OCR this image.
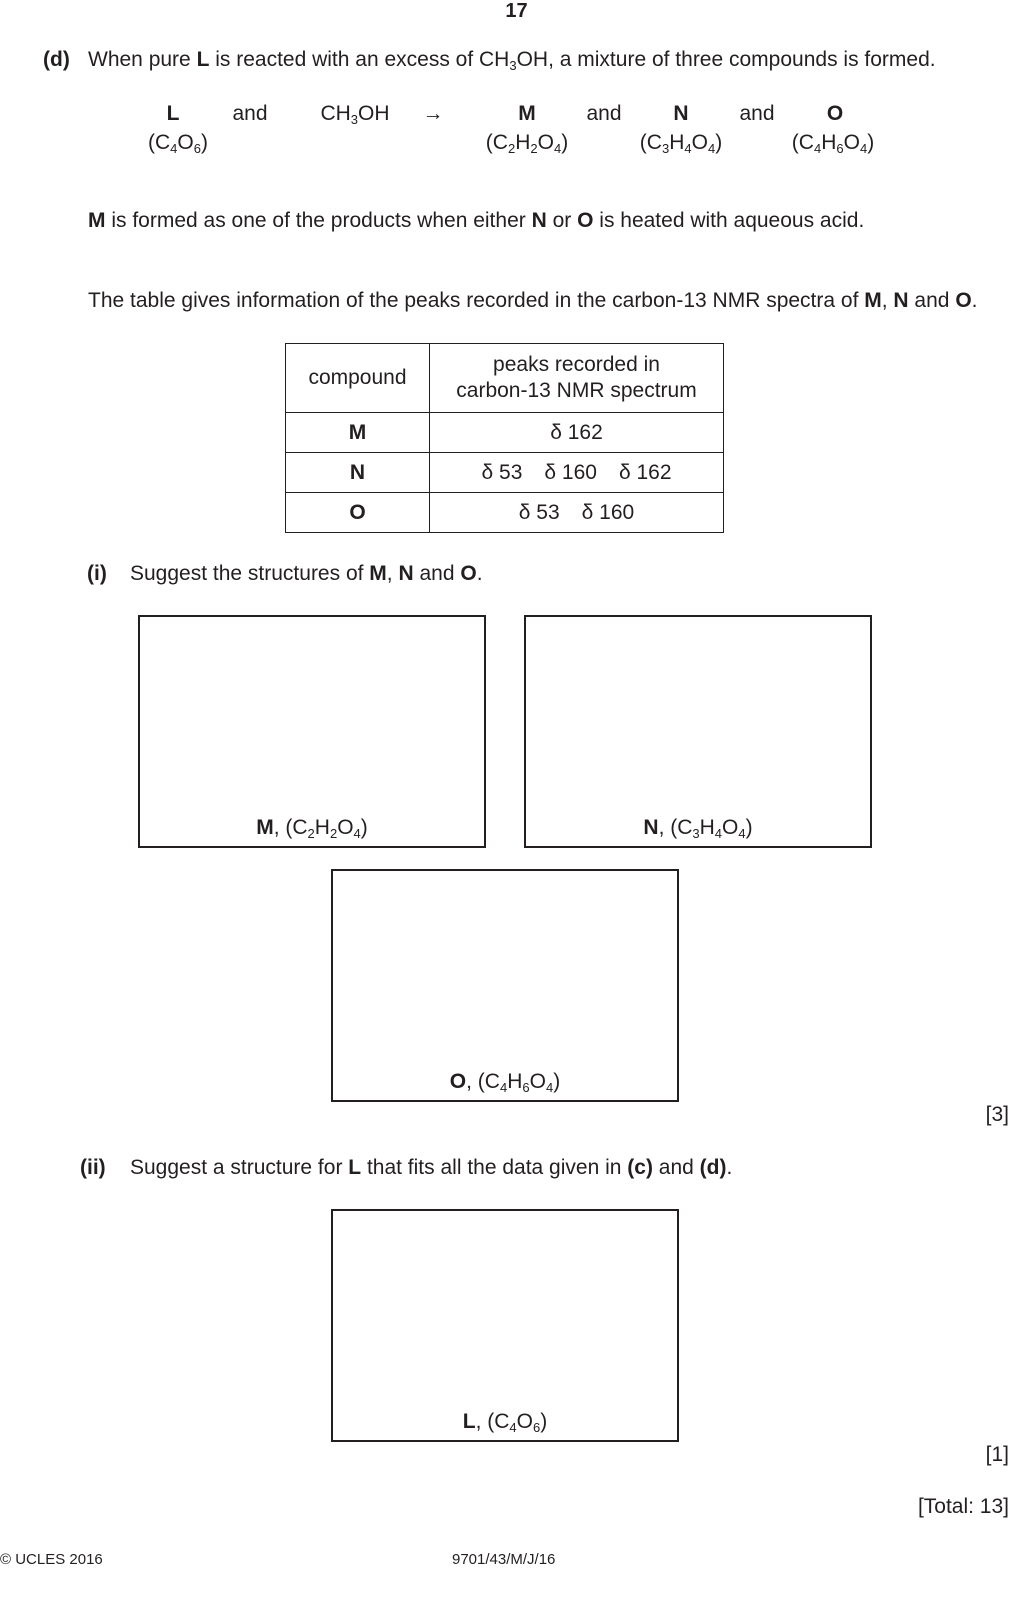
17
(d) When pure L is reacted with an excess of $CH_3OH$, a mixture of three compounds is formed.
L	and	$CH_3OH$	→	M	and	N	and	O
$(C_4O_6)$	$(C_2H_2O_4)$	$(C_3H_4O_4)$	$(C_4H_6O_4)$
M is formed as one of the products when either N or O is heated with aqueous acid.
The table gives information of the peaks recorded in the carbon-13 NMR spectra of M, N and O.
compound	peaks recorded in
carbon-13 NMR spectrum
M	δ 162
N	δ 53 δ 160 δ 162
O	δ 53 δ 160
(i) Suggest the structures of M, N and O.
M, $(C_2H_2O_4)$	N, $(C_3H_4O_4)$
O, $(C_4H_6O_4)$
[3]
(ii) Suggest a structure for L that fits all the data given in (c) and (d).
L, $(C_4O_6)$
[1]
[Total: 13]
© UCLES 2016	9701/43/M/J/16
